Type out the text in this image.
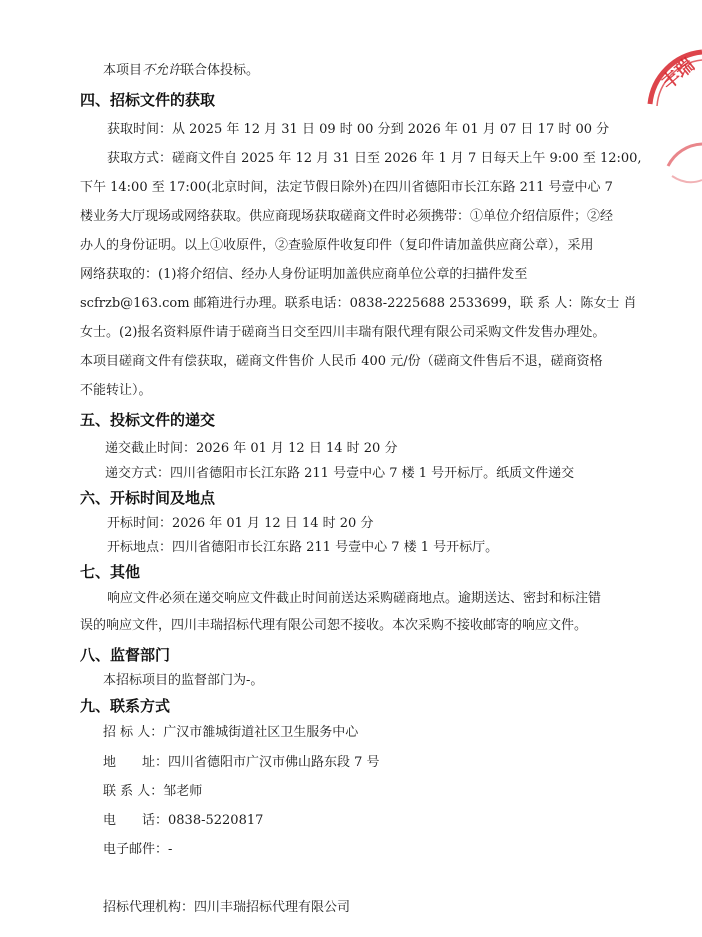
本项目不允许联合体投标。
四、招标文件的获取
获取时间：从 2025 年 12 月 31 日 09 时 00 分到 2026 年 01 月 07 日 17 时 00 分
获取方式：磋商文件自 2025 年 12 月 31 日至 2026 年 1 月 7 日每天上午 9:00 至 12:00,
下午 14:00 至 17:00(北京时间，法定节假日除外)在四川省德阳市长江东路 211 号壹中心 7
楼业务大厅现场或网络获取。供应商现场获取磋商文件时必须携带：①单位介绍信原件；②经
办人的身份证明。以上①收原件，②查验原件收复印件（复印件请加盖供应商公章），采用
网络获取的：(1)将介绍信、经办人身份证明加盖供应商单位公章的扫描件发至
scfrzb@163.com 邮箱进行办理。联系电话：0838-2225688 2533699，联 系 人：陈女士 肖
女士。(2)报名资料原件请于磋商当日交至四川丰瑞有限代理有限公司采购文件发售办理处。
本项目磋商文件有偿获取，磋商文件售价 人民币 400 元/份（磋商文件售后不退，磋商资格
不能转让）。
五、投标文件的递交
递交截止时间：2026 年 01 月 12 日 14 时 20 分
递交方式：四川省德阳市长江东路 211 号壹中心 7 楼 1 号开标厅。纸质文件递交
六、开标时间及地点
开标时间：2026 年 01 月 12 日 14 时 20 分
开标地点：四川省德阳市长江东路 211 号壹中心 7 楼 1 号开标厅。
七、其他
响应文件必须在递交响应文件截止时间前送达采购磋商地点。逾期送达、密封和标注错
误的响应文件，四川丰瑞招标代理有限公司恕不接收。本次采购不接收邮寄的响应文件。
八、监督部门
本招标项目的监督部门为-。
九、联系方式
招 标 人：广汉市雒城街道社区卫生服务中心
地　　址：四川省德阳市广汉市佛山路东段 7 号
联 系 人：邹老师
电　　话：0838-5220817
电子邮件：-
招标代理机构：四川丰瑞招标代理有限公司
丰瑞
